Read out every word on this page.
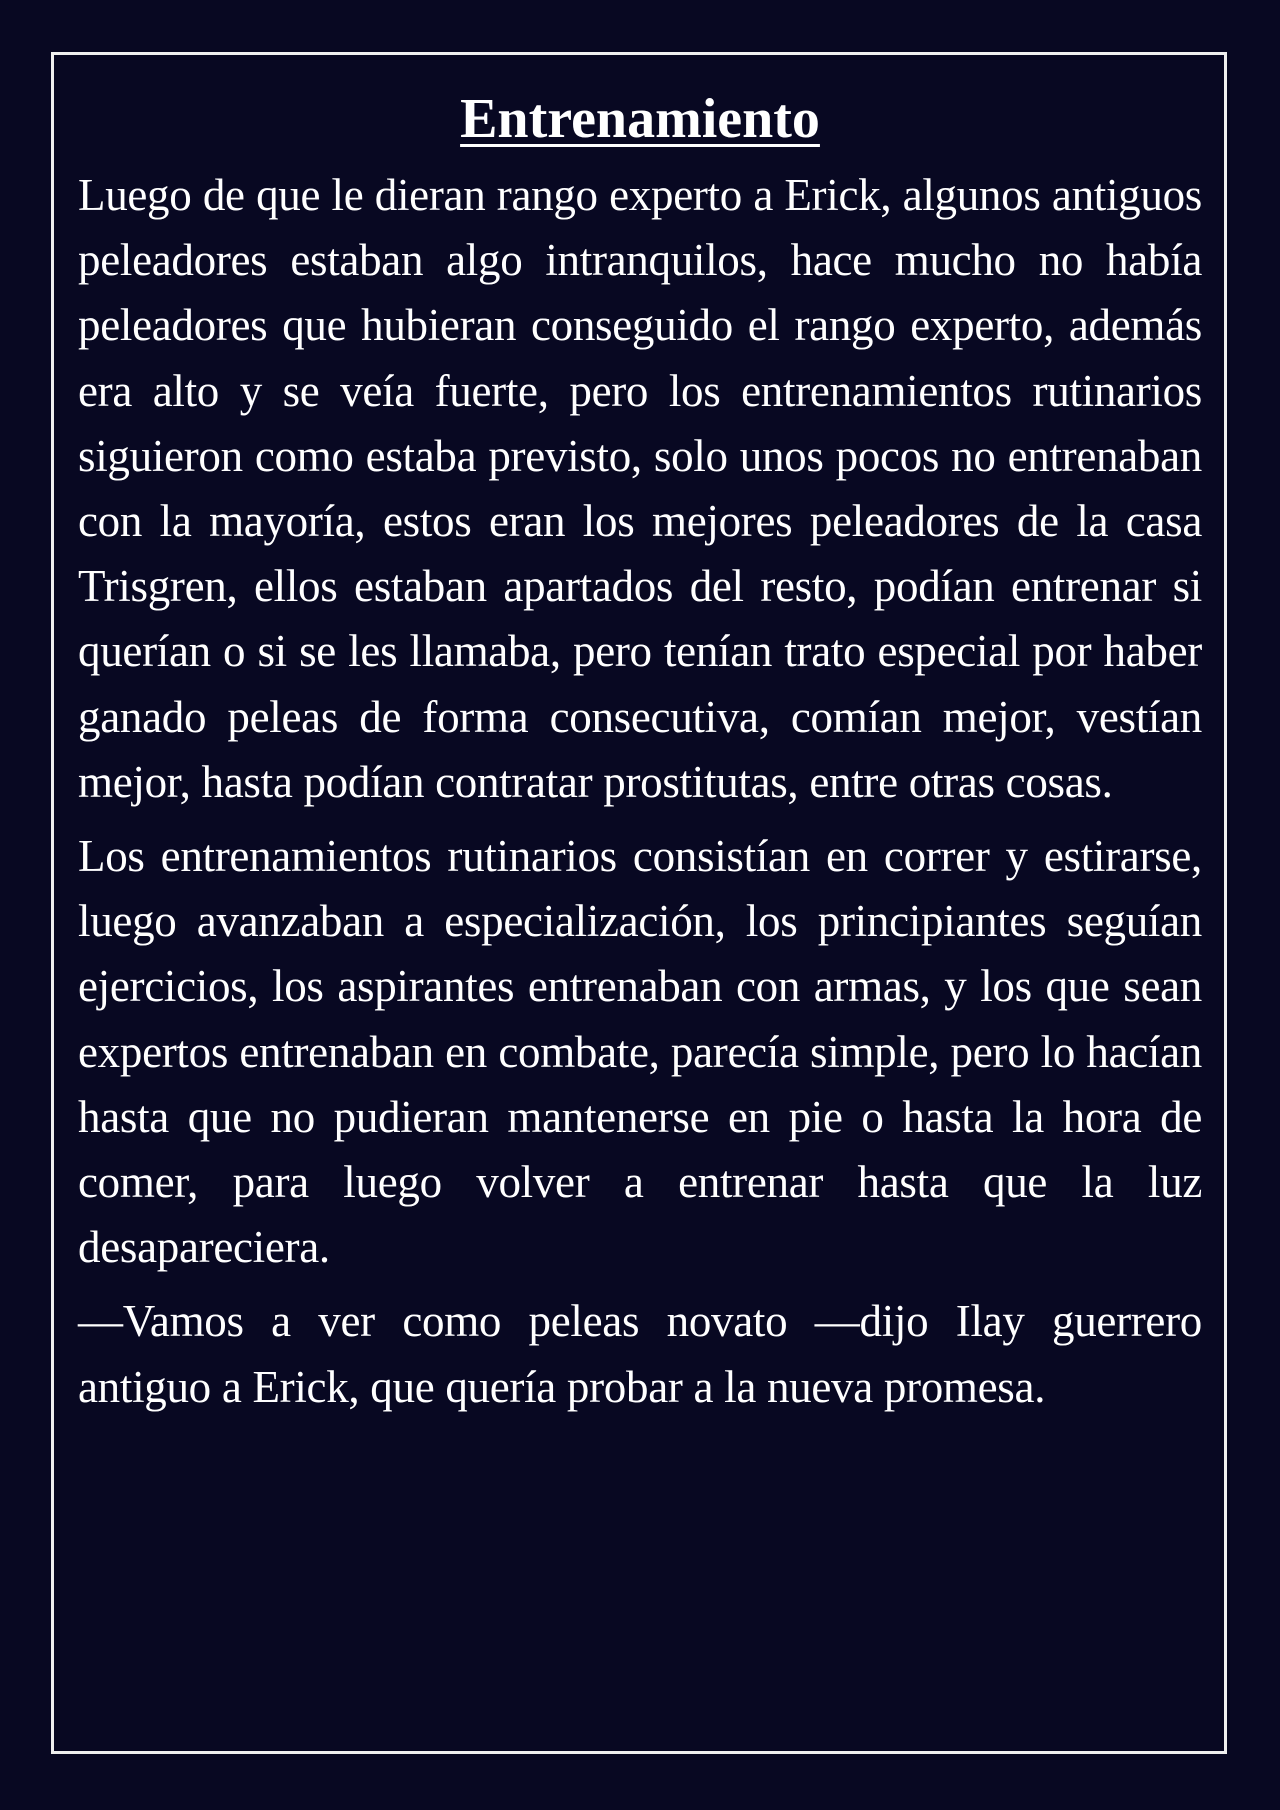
Entrenamiento

Luego de que le dieran rango experto a Erick, algunos antiguos peleadores estaban algo intranquilos, hace mucho no había peleadores que hubieran conseguido el rango experto, además era alto y se veía fuerte, pero los entrenamientos rutinarios siguieron como estaba previsto, solo unos pocos no entrenaban con la mayoría, estos eran los mejores peleadores de la casa Trisgren, ellos estaban apartados del resto, podían entrenar si querían o si se les llamaba, pero tenían trato especial por haber ganado peleas de forma consecutiva, comían mejor, vestían mejor, hasta podían contratar prostitutas, entre otras cosas.

Los entrenamientos rutinarios consistían en correr y estirarse, luego avanzaban a especialización, los principiantes seguían ejercicios, los aspirantes entrenaban con armas, y los que sean expertos entrenaban en combate, parecía simple, pero lo hacían hasta que no pudieran mantenerse en pie o hasta la hora de comer, para luego volver a entrenar hasta que la luz desapareciera.

—Vamos a ver como peleas novato —dijo Ilay guerrero antiguo a Erick, que quería probar a la nueva promesa.
